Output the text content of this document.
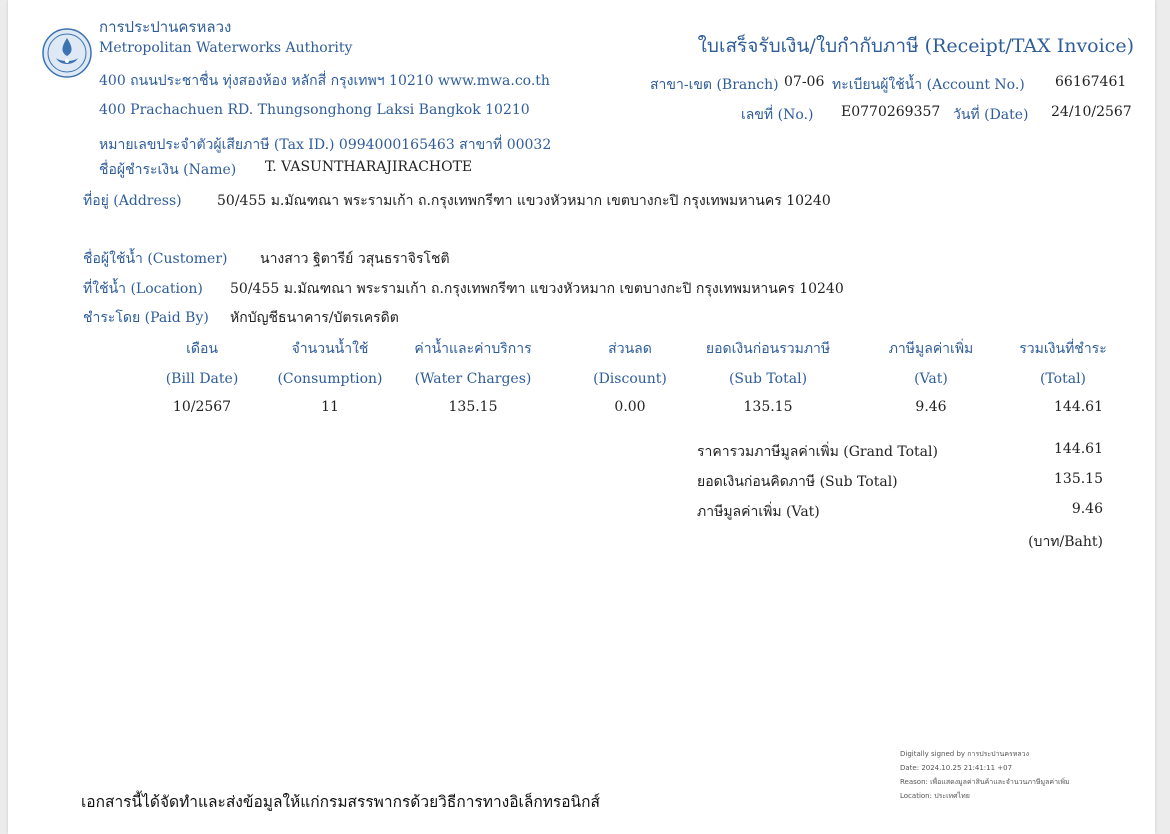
การประปานครหลวง
Metropolitan Waterworks Authority
400 ถนนประชาชื่น ทุ่งสองห้อง หลักสี่ กรุงเทพฯ 10210 www.mwa.co.th
400 Prachachuen RD. Thungsonghong Laksi Bangkok 10210
หมายเลขประจำตัวผู้เสียภาษี (Tax ID.) 0994000165463 สาขาที่ 00032
ใบเสร็จรับเงิน/ใบกำกับภาษี (Receipt/TAX Invoice)
สาขา-เขต (Branch) 07-06 ทะเบียนผู้ใช้น้ำ (Account No.) 66167461
เลขที่ (No.) E0770269357 วันที่ (Date) 24/10/2567
ชื่อผู้ชำระเงิน (Name) T. VASUNTHARAJIRACHOTE
ที่อยู่ (Address)	50/455 ม.มัณฑณา พระรามเก้า ถ.กรุงเทพกรีฑา แขวงหัวหมาก เขตบางกะปิ กรุงเทพมหานคร 10240
ชื่อผู้ใช้น้ำ (Customer) นางสาว ฐิตารีย์ วสุนธราจิรโชติ
ที่ใช้น้ำ (Location) 50/455 ม.มัณฑณา พระรามเก้า ถ.กรุงเทพกรีฑา แขวงหัวหมาก เขตบางกะปิ กรุงเทพมหานคร 10240
ชำระโดย (Paid By) หักบัญชีธนาคาร/บัตรเครดิต
เดือน	จำนวนน้ำใช้	ค่าน้ำและค่าบริการ	ส่วนลด	ยอดเงินก่อนรวมภาษี	ภาษีมูลค่าเพิ่ม	รวมเงินที่ชำระ
(Bill Date)	(Consumption)	(Water Charges)	(Discount)	(Sub Total)	(Vat)	(Total)
10/2567	11	135.15	0.00	135.15	9.46	144.61
ราคารวมภาษีมูลค่าเพิ่ม (Grand Total)	144.61
ยอดเงินก่อนคิดภาษี (Sub Total)	135.15
ภาษีมูลค่าเพิ่ม (Vat)	9.46
(บาท/Baht)
Digitally signed by การประปานครหลวง
Date: 2024.10.25 21:41:11 +07
Reason: เพื่อแสดงมูลค่าสินค้าและจำนวนภาษีมูลค่าเพิ่ม
Location: ประเทศไทย
เอกสารนี้ได้จัดทำและส่งข้อมูลให้แก่กรมสรรพากรด้วยวิธีการทางอิเล็กทรอนิกส์
